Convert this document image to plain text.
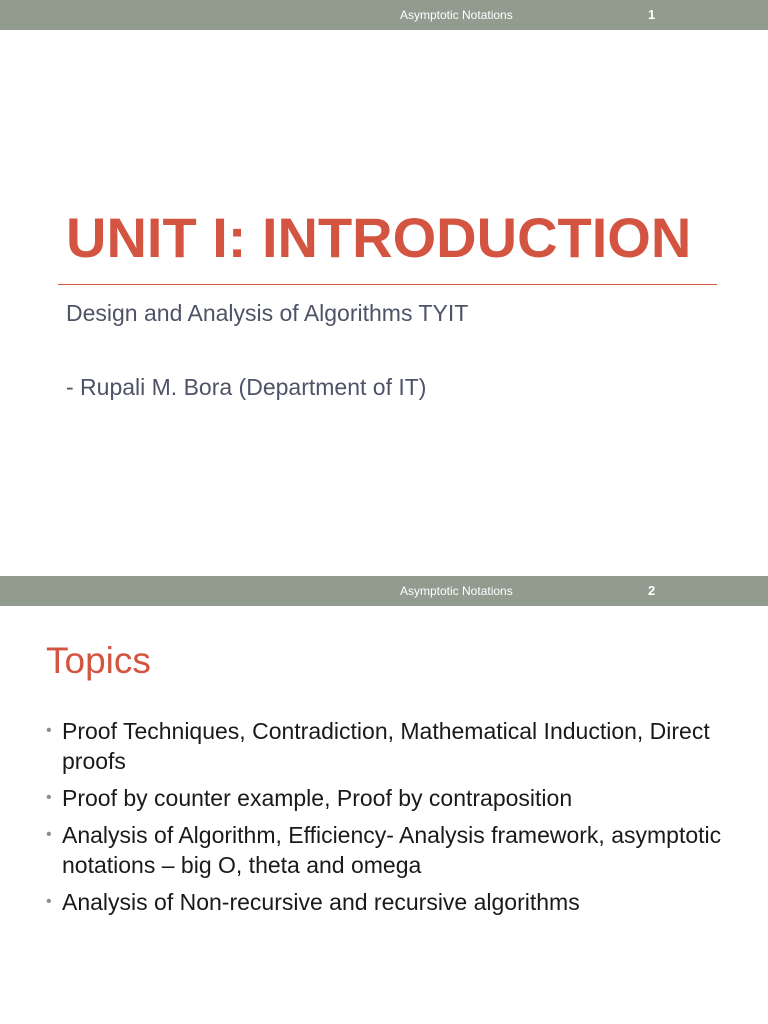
Asymptotic Notations	1
UNIT I: INTRODUCTION
Design and Analysis of Algorithms TYIT
- Rupali M. Bora (Department of IT)
Asymptotic Notations	2
Topics
• Proof Techniques, Contradiction, Mathematical Induction, Direct proofs
• Proof by counter example, Proof by contraposition
• Analysis of Algorithm, Efficiency- Analysis framework, asymptotic notations – big O, theta and omega
• Analysis of Non-recursive and recursive algorithms
